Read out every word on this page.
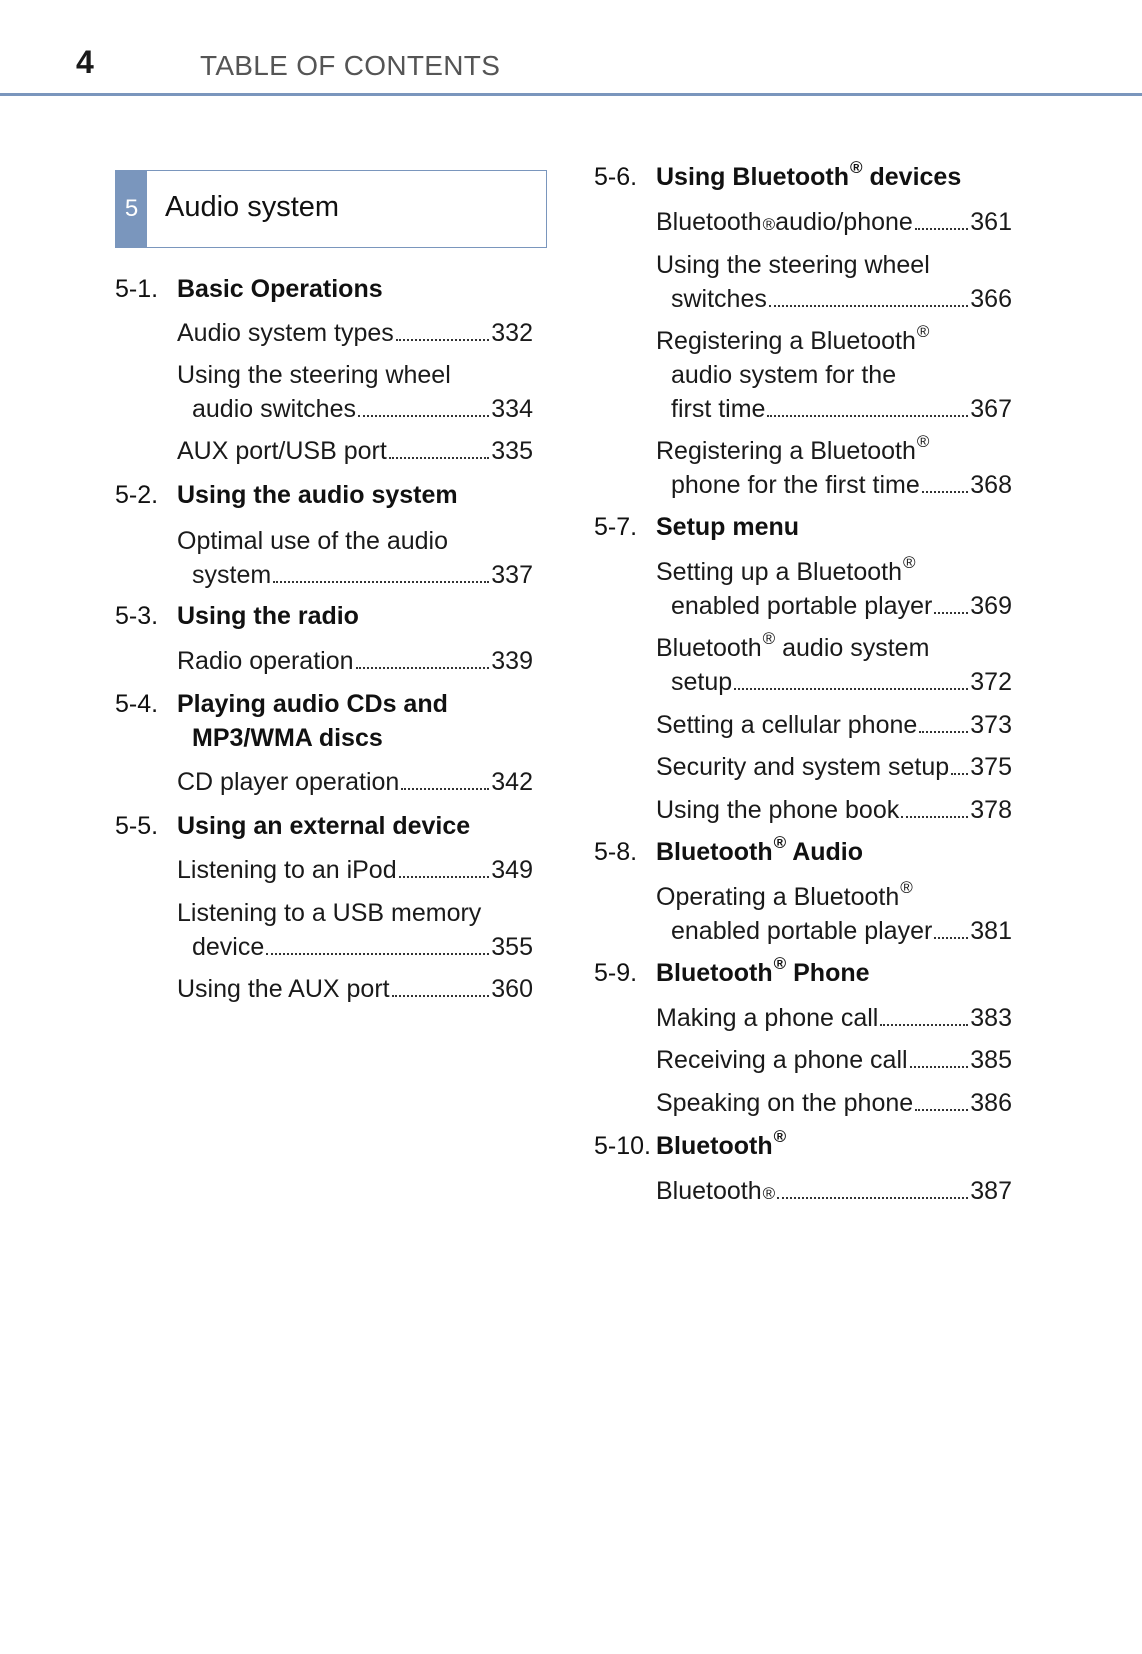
4	TABLE OF CONTENTS
5 Audio system
5-1. Basic Operations
Audio system types	332
Using the steering wheel
audio switches	334
AUX port/USB port	335
5-2. Using the audio system
Optimal use of the audio
system	337
5-3. Using the radio
Radio operation	339
5-4. Playing audio CDs and
MP3/WMA discs
CD player operation	342
5-5. Using an external device
Listening to an iPod	349
Listening to a USB memory
device	355
Using the AUX port	360
5-6. Using Bluetooth® devices
Bluetooth ® audio/phone 361
Using the steering wheel
switches	366
Registering a Bluetooth®
audio system for the
first time	367
Registering a Bluetooth®
phone for the first time 368
5-7. Setup menu
Setting up a Bluetooth®
enabled portable player 369
Bluetooth® audio system
setup	372
Setting a cellular phone 373
Security and system setup 375
Using the phone book	378
5-8. Bluetooth® Audio
Operating a Bluetooth®
enabled portable player 381
5-9. Bluetooth® Phone
Making a phone call	383
Receiving a phone call	385
Speaking on the phone 386
5-10. Bluetooth®
Bluetooth ®	387
